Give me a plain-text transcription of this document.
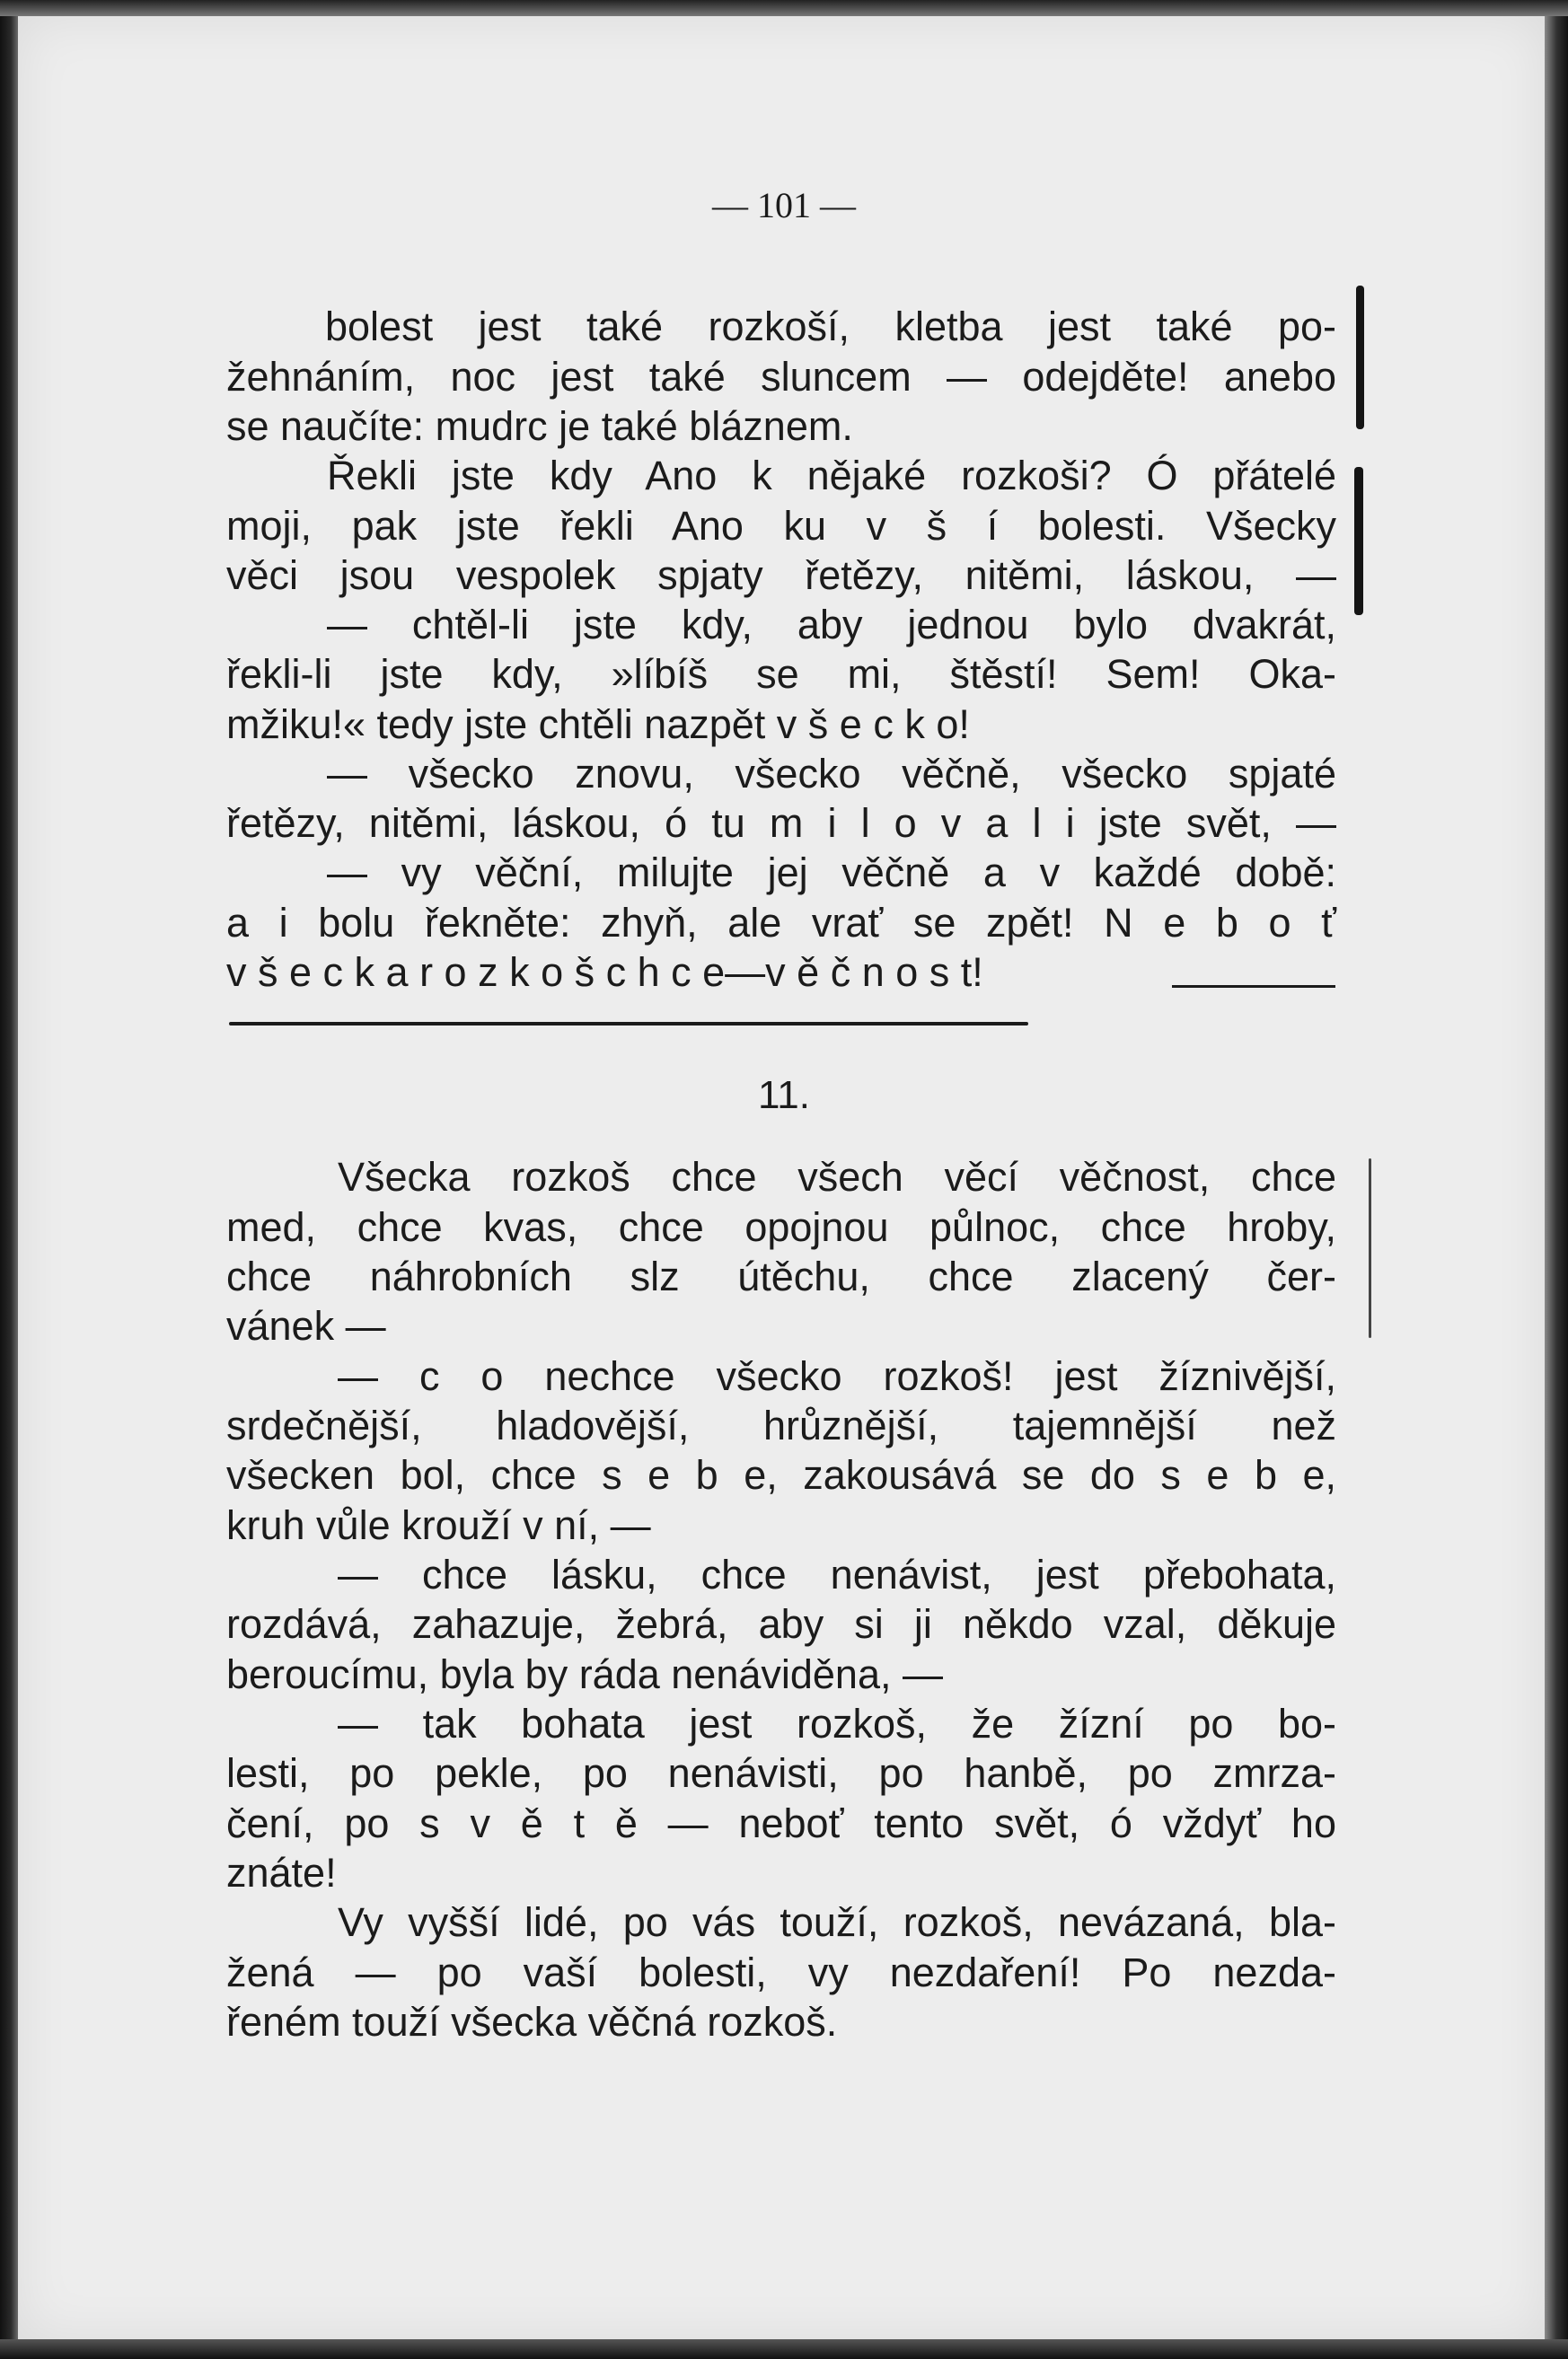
— 101 —
bolest jest také rozkoší, kletba jest také po-
žehnáním, noc jest také sluncem — odejděte! anebo
se naučíte: mudrc je také bláznem.
Řekli jste kdy Ano k nějaké rozkoši? Ó přátelé
moji, pak jste řekli Ano ku v š í bolesti. Všecky
věci jsou vespolek spjaty řetězy, nitěmi, láskou, —
— chtěl-li jste kdy, aby jednou bylo dvakrát,
řekli-li jste kdy, »líbíš se mi, štěstí! Sem! Oka-
mžiku!« tedy jste chtěli nazpět v š e c k o!
— všecko znovu, všecko věčně, všecko spjaté
řetězy, nitěmi, láskou, ó tu m i l o v a l i jste svět, —
— vy věční, milujte jej věčně a v každé době:
a i bolu řekněte: zhyň, ale vrať se zpět! N e b o ť
v š e c k a r o z k o š c h c e—v ě č n o s t!
11.
Všecka rozkoš chce všech věcí věčnost, chce
med, chce kvas, chce opojnou půlnoc, chce hroby,
chce náhrobních slz útěchu, chce zlacený čer-
vánek —
— c o nechce všecko rozkoš! jest žíznivější,
srdečnější, hladovější, hrůznější, tajemnější než
všecken bol, chce s e b e, zakousává se do s e b e,
kruh vůle krouží v ní, —
— chce lásku, chce nenávist, jest přebohata,
rozdává, zahazuje, žebrá, aby si ji někdo vzal, děkuje
beroucímu, byla by ráda nenáviděna, —
— tak bohata jest rozkoš, že žízní po bo-
lesti, po pekle, po nenávisti, po hanbě, po zmrza-
čení, po s v ě t ě — neboť tento svět, ó vždyť ho
znáte!
Vy vyšší lidé, po vás touží, rozkoš, nevázaná, bla-
žená — po vaší bolesti, vy nezdaření! Po nezda-
řeném touží všecka věčná rozkoš.
